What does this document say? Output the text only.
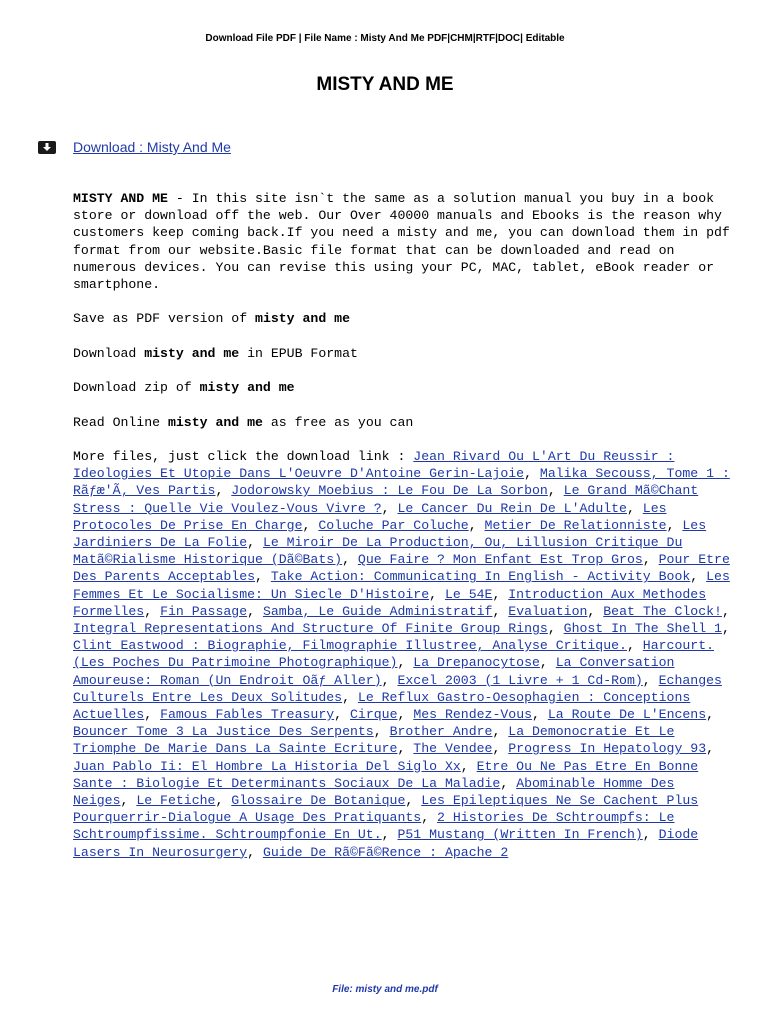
Download File PDF | File Name : Misty And Me PDF|CHM|RTF|DOC| Editable
MISTY AND ME
Download : Misty And Me

MISTY AND ME - In this site isn`t the same as a solution manual you buy in a book store or download off the web. Our Over 40000 manuals and Ebooks is the reason why customers keep coming back.If you need a misty and me, you can download them in pdf format from our website.Basic file format that can be downloaded and read on numerous devices. You can revise this using your PC, MAC, tablet, eBook reader or smartphone.

Save as PDF version of misty and me

Download misty and me in EPUB Format

Download zip of misty and me

Read Online misty and me as free as you can

More files, just click the download link : Jean Rivard Ou L'Art Du Reussir : Ideologies Et Utopie Dans L'Oeuvre D'Antoine Gerin-Lajoie, Malika Secouss, Tome 1 : Rãƒæ'Ã‚ Ves Partis, Jodorowsky Moebius : Le Fou De La Sorbon, Le Grand Mã©Chant Stress : Quelle Vie Voulez-Vous Vivre ?, Le Cancer Du Rein De L'Adulte, Les Protocoles De Prise En Charge, Coluche Par Coluche, Metier De Relationniste, Les Jardiniers De La Folie, Le Miroir De La Production, Ou, Lillusion Critique Du Matã©Rialisme Historique (Dã©Bats), Que Faire ? Mon Enfant Est Trop Gros, Pour Etre Des Parents Acceptables, Take Action: Communicating In English - Activity Book, Les Femmes Et Le Socialisme: Un Siecle D'Histoire, Le 54E, Introduction Aux Methodes Formelles, Fin Passage, Samba, Le Guide Administratif, Evaluation, Beat The Clock!, Integral Representations And Structure Of Finite Group Rings, Ghost In The Shell 1, Clint Eastwood : Biographie, Filmographie Illustree, Analyse Critique., Harcourt. (Les Poches Du Patrimoine Photographique), La Drepanocytose, La Conversation Amoureuse: Roman (Un Endroit Oãƒ Aller), Excel 2003 (1 Livre + 1 Cd-Rom), Echanges Culturels Entre Les Deux Solitudes, Le Reflux Gastro-Oesophagien : Conceptions Actuelles, Famous Fables Treasury, Cirque, Mes Rendez-Vous, La Route De L'Encens, Bouncer Tome 3 La Justice Des Serpents, Brother Andre, La Demonocratie Et Le Triomphe De Marie Dans La Sainte Ecriture, The Vendee, Progress In Hepatology 93, Juan Pablo Ii: El Hombre La Historia Del Siglo Xx, Etre Ou Ne Pas Etre En Bonne Sante : Biologie Et Determinants Sociaux De La Maladie, Abominable Homme Des Neiges, Le Fetiche, Glossaire De Botanique, Les Epileptiques Ne Se Cachent Plus Pourquerrir-Dialogue A Usage Des Pratiquants, 2 Histories De Schtroumpfs: Le Schtroumpfissime. Schtroumpfonie En Ut., P51 Mustang (Written In French), Diode Lasers In Neurosurgery, Guide De Rã©Fã©Rence : Apache 2

File: misty and me.pdf
